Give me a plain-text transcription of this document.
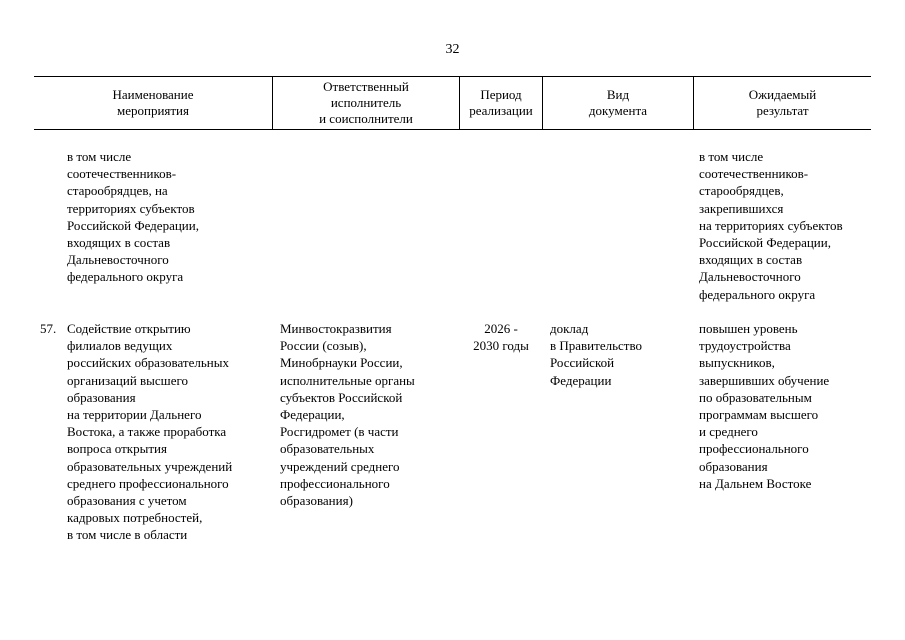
32
Наименование
мероприятия
Ответственный
исполнитель
и соисполнители
Период
реализации
Вид
документа
Ожидаемый
результат
в том числе
соотечественников-
старообрядцев, на
территориях субъектов
Российской Федерации,
входящих в состав
Дальневосточного
федерального округа
в том числе
соотечественников-
старообрядцев,
закрепившихся
на территориях субъектов
Российской Федерации,
входящих в состав
Дальневосточного
федерального округа
57. Содействие открытию
филиалов ведущих
российских образовательных
организаций высшего
образования
на территории Дальнего
Востока, а также проработка
вопроса открытия
образовательных учреждений
среднего профессионального
образования с учетом
кадровых потребностей,
в том числе в области
Минвостокразвития
России (созыв),
Минобрнауки России,
исполнительные органы
субъектов Российской
Федерации,
Росгидромет (в части
образовательных
учреждений среднего
профессионального
образования)
2026 -
2030 годы
доклад
в Правительство
Российской
Федерации
повышен уровень
трудоустройства
выпускников,
завершивших обучение
по образовательным
программам высшего
и среднего
профессионального
образования
на Дальнем Востоке
